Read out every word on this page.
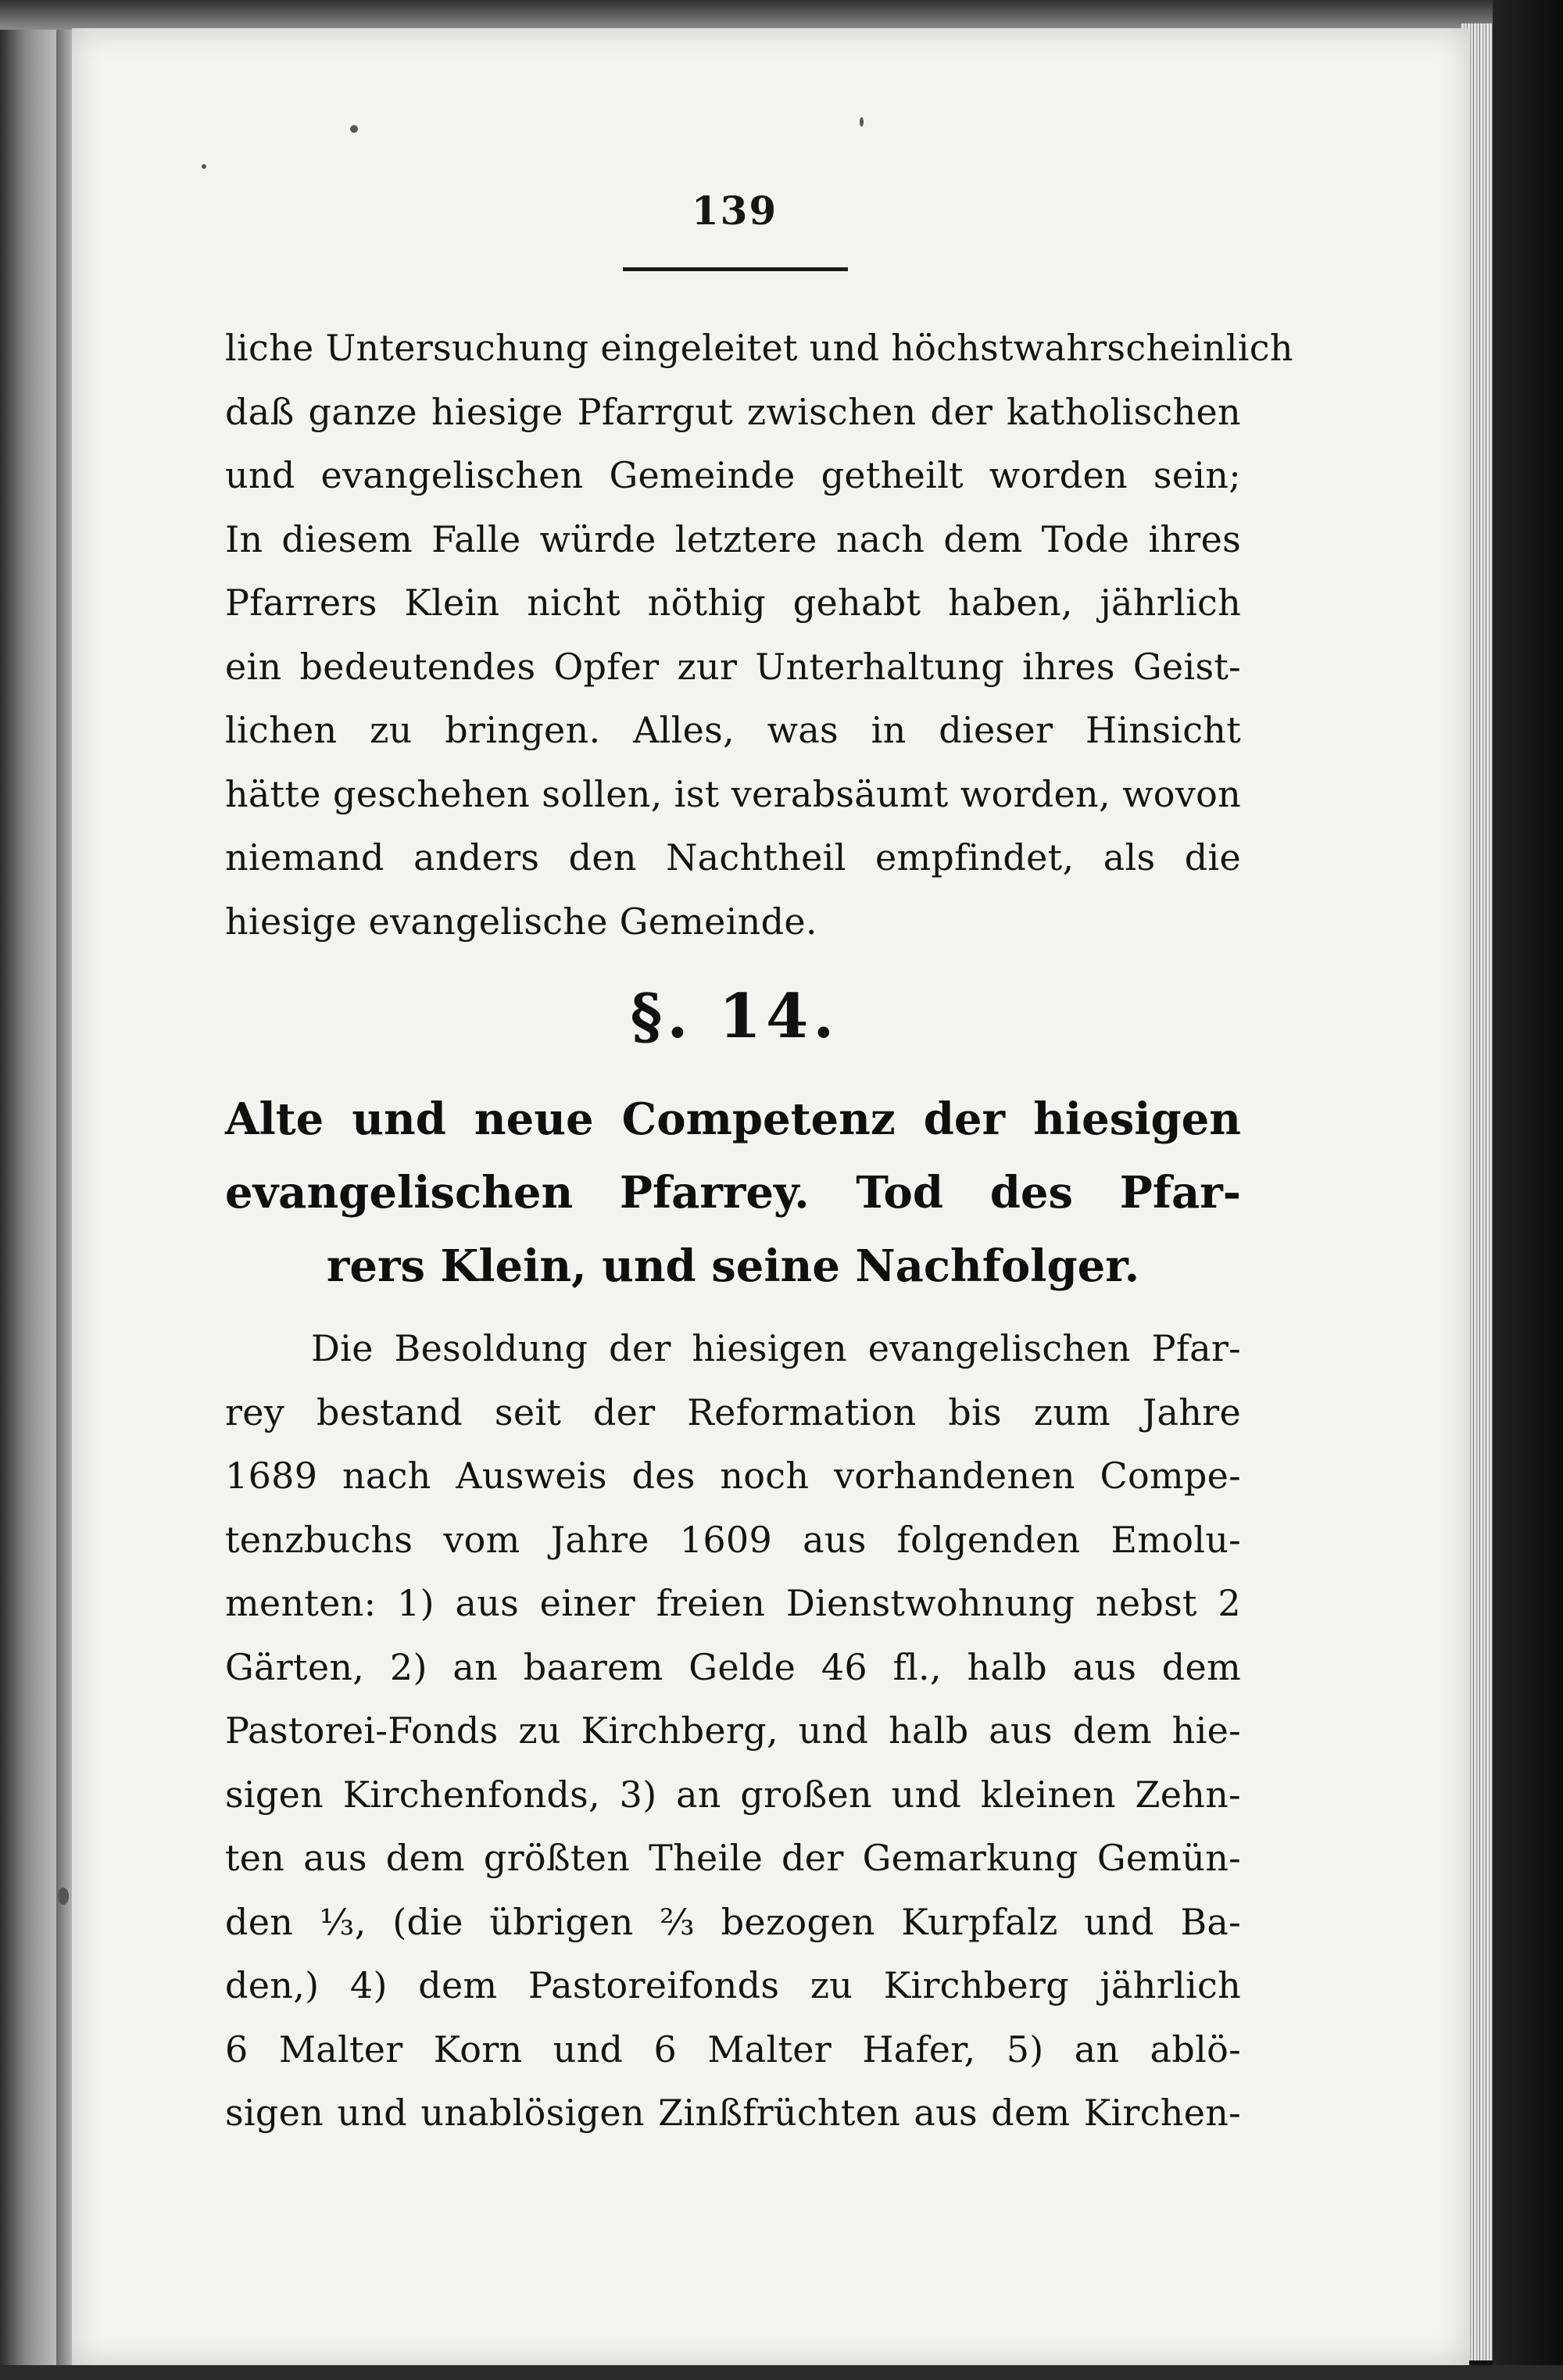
139
liche Untersuchung eingeleitet und höchstwahrscheinlich
daß ganze hiesige Pfarrgut zwischen der katholischen
und evangelischen Gemeinde getheilt worden sein;
In diesem Falle würde letztere nach dem Tode ihres
Pfarrers Klein nicht nöthig gehabt haben, jährlich
ein bedeutendes Opfer zur Unterhaltung ihres Geist-
lichen zu bringen. Alles, was in dieser Hinsicht
hätte geschehen sollen, ist verabsäumt worden, wovon
niemand anders den Nachtheil empfindet, als die
hiesige evangelische Gemeinde.
§. 14.
Alte und neue Competenz der hiesigen
evangelischen Pfarrey. Tod des Pfar-
rers Klein, und seine Nachfolger.
Die Besoldung der hiesigen evangelischen Pfar-
rey bestand seit der Reformation bis zum Jahre
1689 nach Ausweis des noch vorhandenen Compe-
tenzbuchs vom Jahre 1609 aus folgenden Emolu-
menten: 1) aus einer freien Dienstwohnung nebst 2
Gärten, 2) an baarem Gelde 46 fl., halb aus dem
Pastorei-Fonds zu Kirchberg, und halb aus dem hie-
sigen Kirchenfonds, 3) an großen und kleinen Zehn-
ten aus dem größten Theile der Gemarkung Gemün-
den ⅓, (die übrigen ⅔ bezogen Kurpfalz und Ba-
den,) 4) dem Pastoreifonds zu Kirchberg jährlich
6 Malter Korn und 6 Malter Hafer, 5) an ablö-
sigen und unablösigen Zinßfrüchten aus dem Kirchen-
